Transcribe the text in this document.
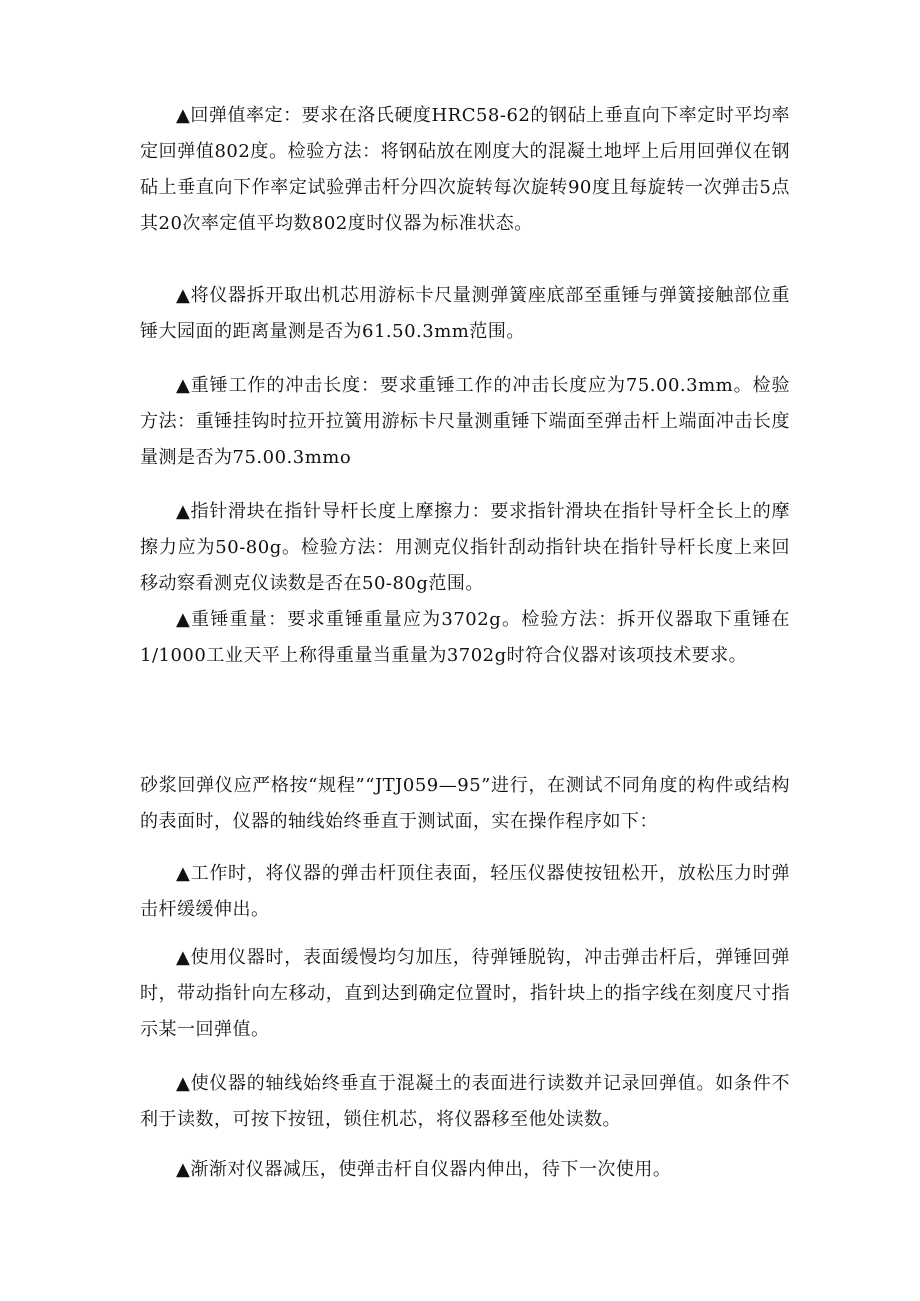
▲回弹值率定：要求在洛氏硬度HRC58-62的钢砧上垂直向下率定时平均率定回弹值802度。检验方法：将钢砧放在刚度大的混凝土地坪上后用回弹仪在钢砧上垂直向下作率定试验弹击杆分四次旋转每次旋转90度且每旋转一次弹击5点其20次率定值平均数802度时仪器为标准状态。

▲将仪器拆开取出机芯用游标卡尺量测弹簧座底部至重锤与弹簧接触部位重锤大园面的距离量测是否为61.50.3mm范围。

▲重锤工作的冲击长度：要求重锤工作的冲击长度应为75.00.3mm。检验方法：重锤挂钩时拉开拉簧用游标卡尺量测重锤下端面至弹击杆上端面冲击长度量测是否为75.00.3mmo

▲指针滑块在指针导杆长度上摩擦力：要求指针滑块在指针导杆全长上的摩擦力应为50-80g。检验方法：用测克仪指针刮动指针块在指针导杆长度上来回移动察看测克仪读数是否在50-80g范围。

▲重锤重量：要求重锤重量应为3702g。检验方法：拆开仪器取下重锤在1/1000工业天平上称得重量当重量为3702g时符合仪器对该项技术要求。

砂浆回弹仪应严格按“规程”“JTJ059—95”进行，在测试不同角度的构件或结构的表面时，仪器的轴线始终垂直于测试面，实在操作程序如下：

▲工作时，将仪器的弹击杆顶住表面，轻压仪器使按钮松开，放松压力时弹击杆缓缓伸出。

▲使用仪器时，表面缓慢均匀加压，待弹锤脱钩，冲击弹击杆后，弹锤回弹时，带动指针向左移动，直到达到确定位置时，指针块上的指字线在刻度尺寸指示某一回弹值。

▲使仪器的轴线始终垂直于混凝土的表面进行读数并记录回弹值。如条件不利于读数，可按下按钮，锁住机芯，将仪器移至他处读数。

▲渐渐对仪器减压，使弹击杆自仪器内伸出，待下一次使用。
